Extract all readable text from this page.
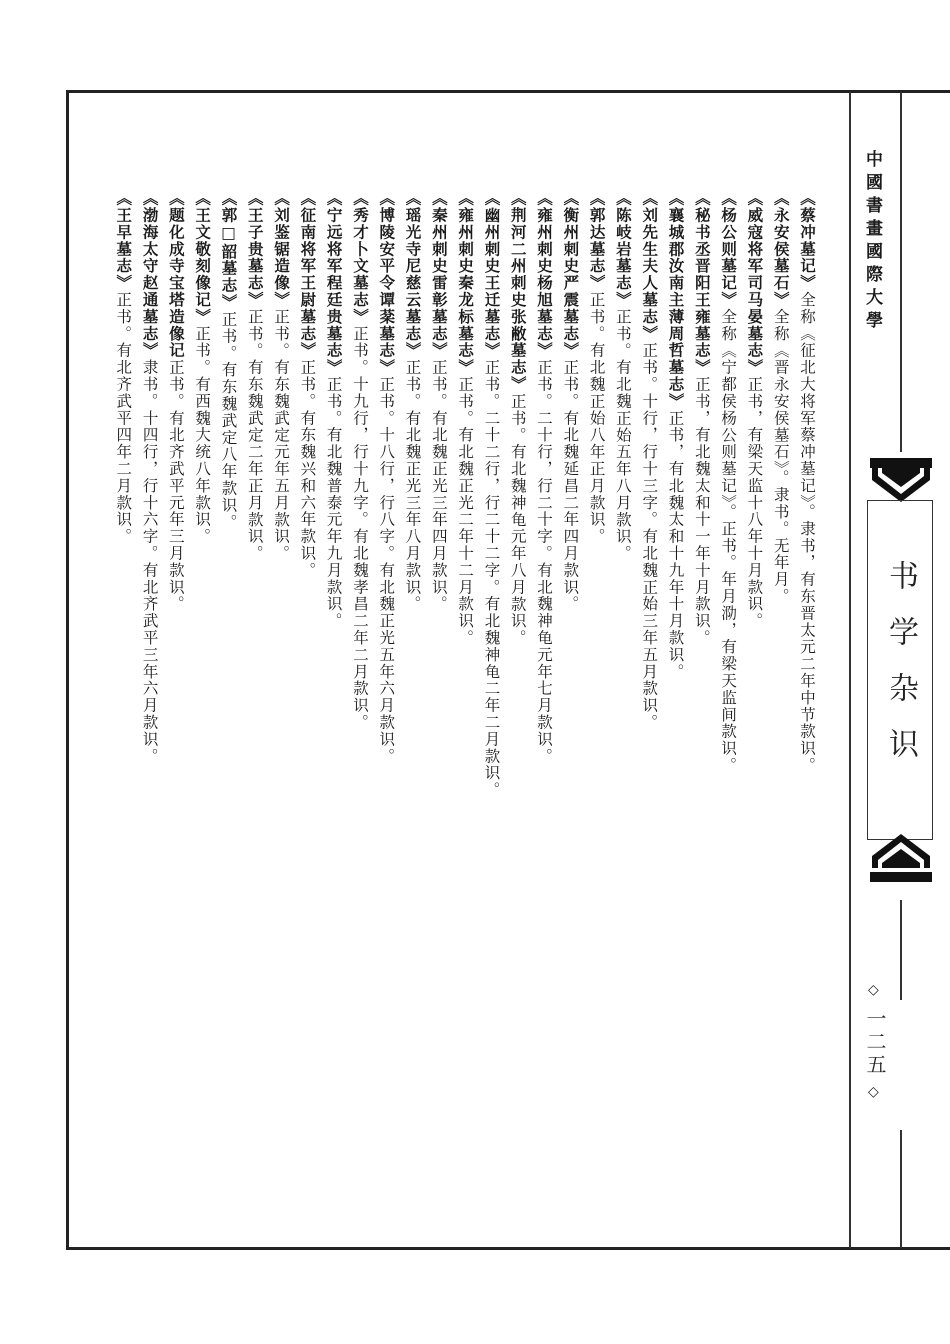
中國書畫國際大學
书学杂识
◇
一二五
◇
《蔡冲墓记》全称《征北大将军蔡冲墓记》。隶书，有东晋太元二年中节款识。
《永安侯墓石》全称《晋永安侯墓石》。隶书。无年月。
《威寇将军司马晏墓志》正书，有梁天监十八年十月款识。
《杨公则墓记》全称《宁都侯杨公则墓记》。正书。年月泐，有梁天监间款识。
《秘书丞晋阳王雍墓志》正书，有北魏太和十一年十月款识。
《襄城郡汝南主薄周哲墓志》正书，有北魏太和十九年十月款识。
《刘先生夫人墓志》正书。十行，行十三字。有北魏正始三年五月款识。
《陈岐岩墓志》正书。有北魏正始五年八月款识。
《郭达墓志》正书。有北魏正始八年正月款识。
《衡州刺史严震墓志》正书。有北魏延昌二年四月款识。
《雍州刺史杨旭墓志》正书。二十行，行二十字。有北魏神龟元年七月款识。
《荆河二州刺史张敝墓志》正书。有北魏神龟元年八月款识。
《幽州刺史王迁墓志》正书。二十二行，行二十二字。有北魏神龟二年二月款识。
《雍州刺史秦龙标墓志》正书。有北魏正光二年十二月款识。
《秦州刺史雷彰墓志》正书。有北魏正光三年四月款识。
《瑶光寺尼慈云墓志》正书。有北魏正光三年八月款识。
《博陵安平令谭棻墓志》正书。十八行，行八字。有北魏正光五年六月款识。
《秀才卜文墓志》正书。十九行，行十九字。有北魏孝昌二年二月款识。
《宁远将军程廷贵墓志》正书。有北魏普泰元年九月款识。
《征南将军王尉墓志》正书。有东魏兴和六年款识。
《刘鉴锯造像》正书。有东魏武定元年五月款识。
《王子贵墓志》正书。有东魏武定二年正月款识。
《郭□韶墓志》正书。有东魏武定八年款识。
《王文敬刻像记》正书。有西魏大统八年款识。
《题化成寺宝塔造像记正书。有北齐武平元年三月款识。
《渤海太守赵通墓志》隶书。十四行，行十六字。有北齐武平三年六月款识。
《王早墓志》正书。有北齐武平四年二月款识。
